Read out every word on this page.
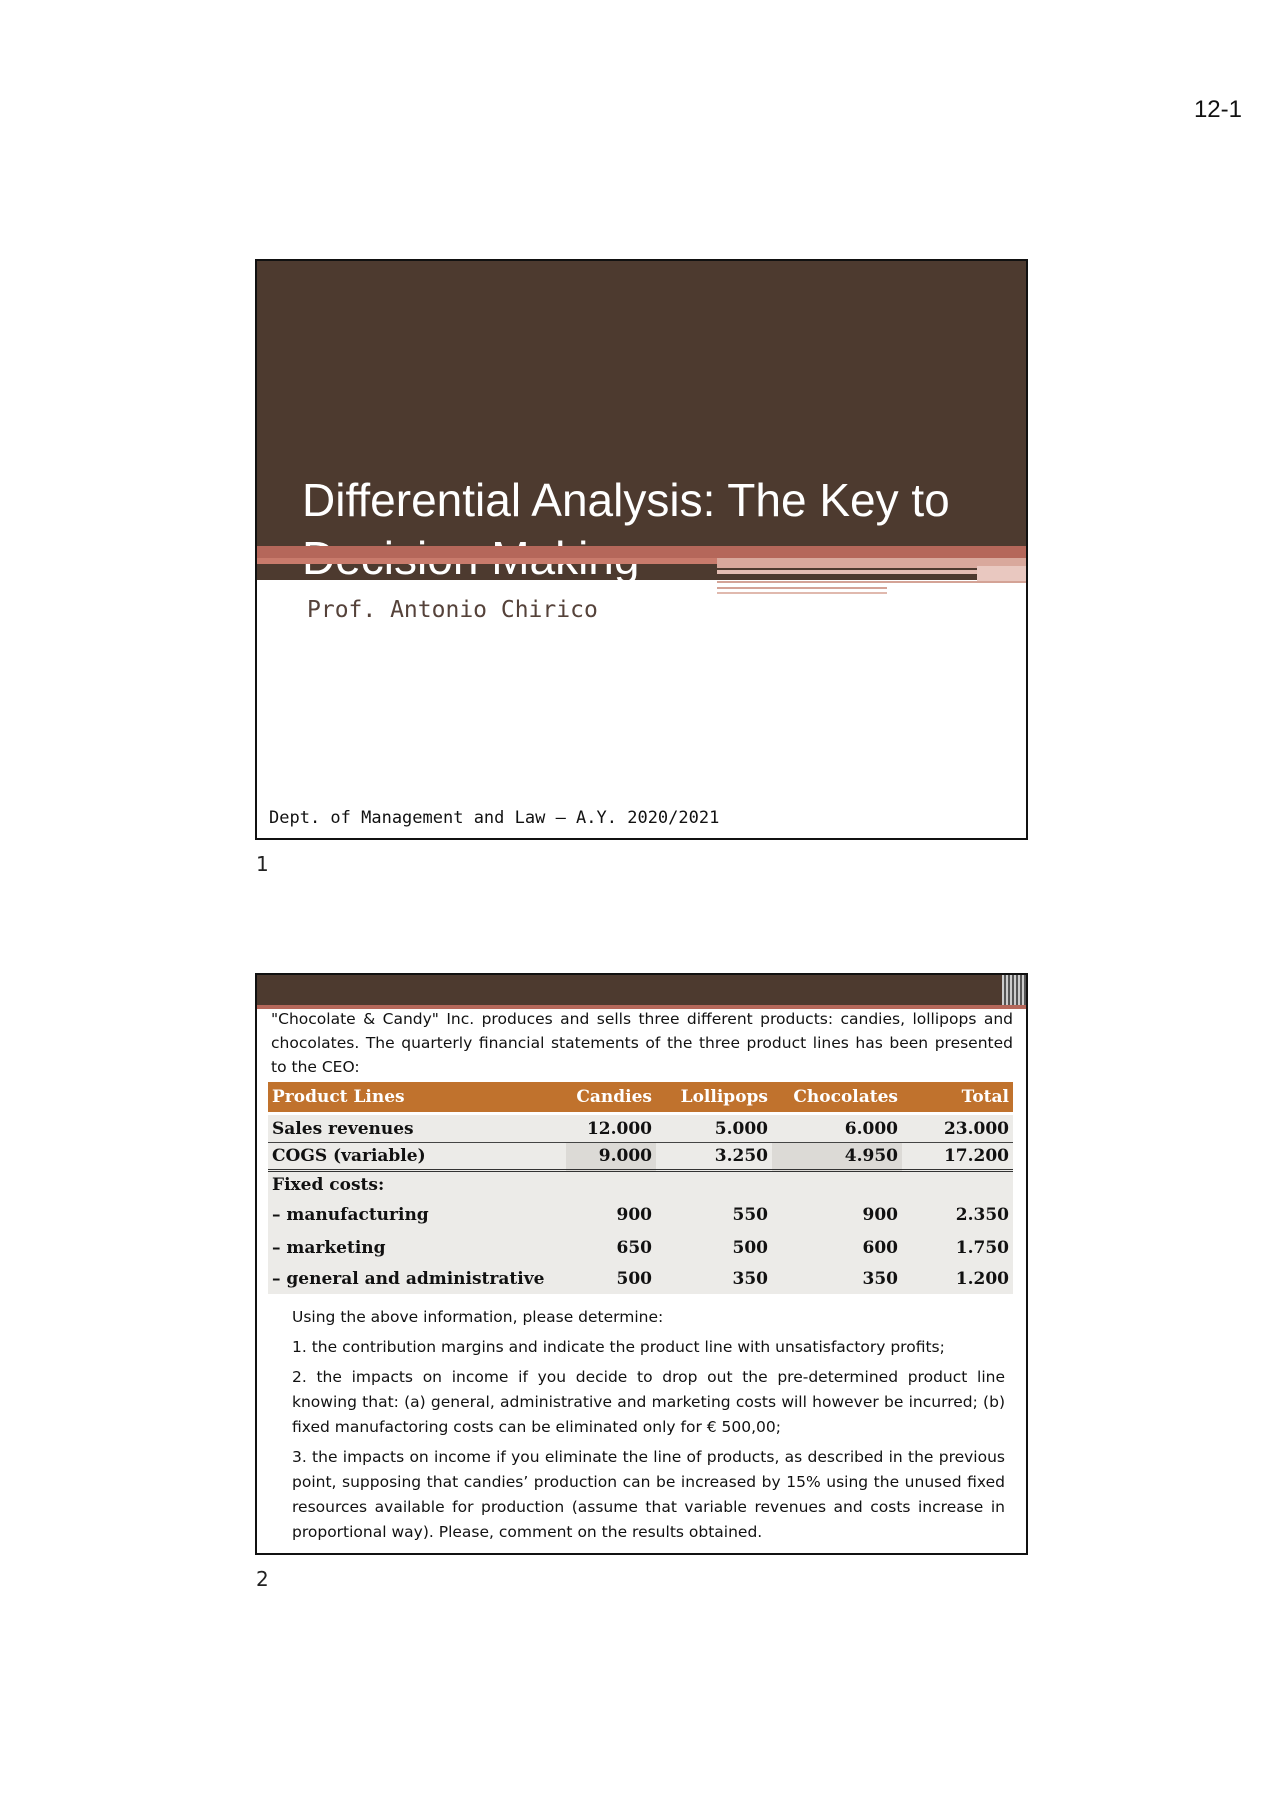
12-1
Differential Analysis: The Key to
Prof. Antonio Chirico
Dept. of Management and Law – A.Y. 2020/2021
1
"Chocolate & Candy" Inc. produces and sells three different products: candies, lollipops and chocolates. The quarterly financial statements of the three product lines has been presented to the CEO:
Product Lines	Candies	Lollipops	Chocolates	Total
Sales revenues	12.000	5.000	6.000	23.000
COGS (variable)	9.000	3.250	4.950	17.200
Fixed costs:				
– manufacturing	900	550	900	2.350
– marketing	650	500	600	1.750
– general and administrative	500	350	350	1.200

Using the above information, please determine:

1. the contribution margins and indicate the product line with unsatisfactory profits;

2. the impacts on income if you decide to drop out the pre-determined product line knowing that: (a) general, administrative and marketing costs will however be incurred; (b) fixed manufactoring costs can be eliminated only for € 500,00;

3. the impacts on income if you eliminate the line of products, as described in the previous point, supposing that candies’ production can be increased by 15% using the unused fixed resources available for production (assume that variable revenues and costs increase in proportional way). Please, comment on the results obtained.

2
